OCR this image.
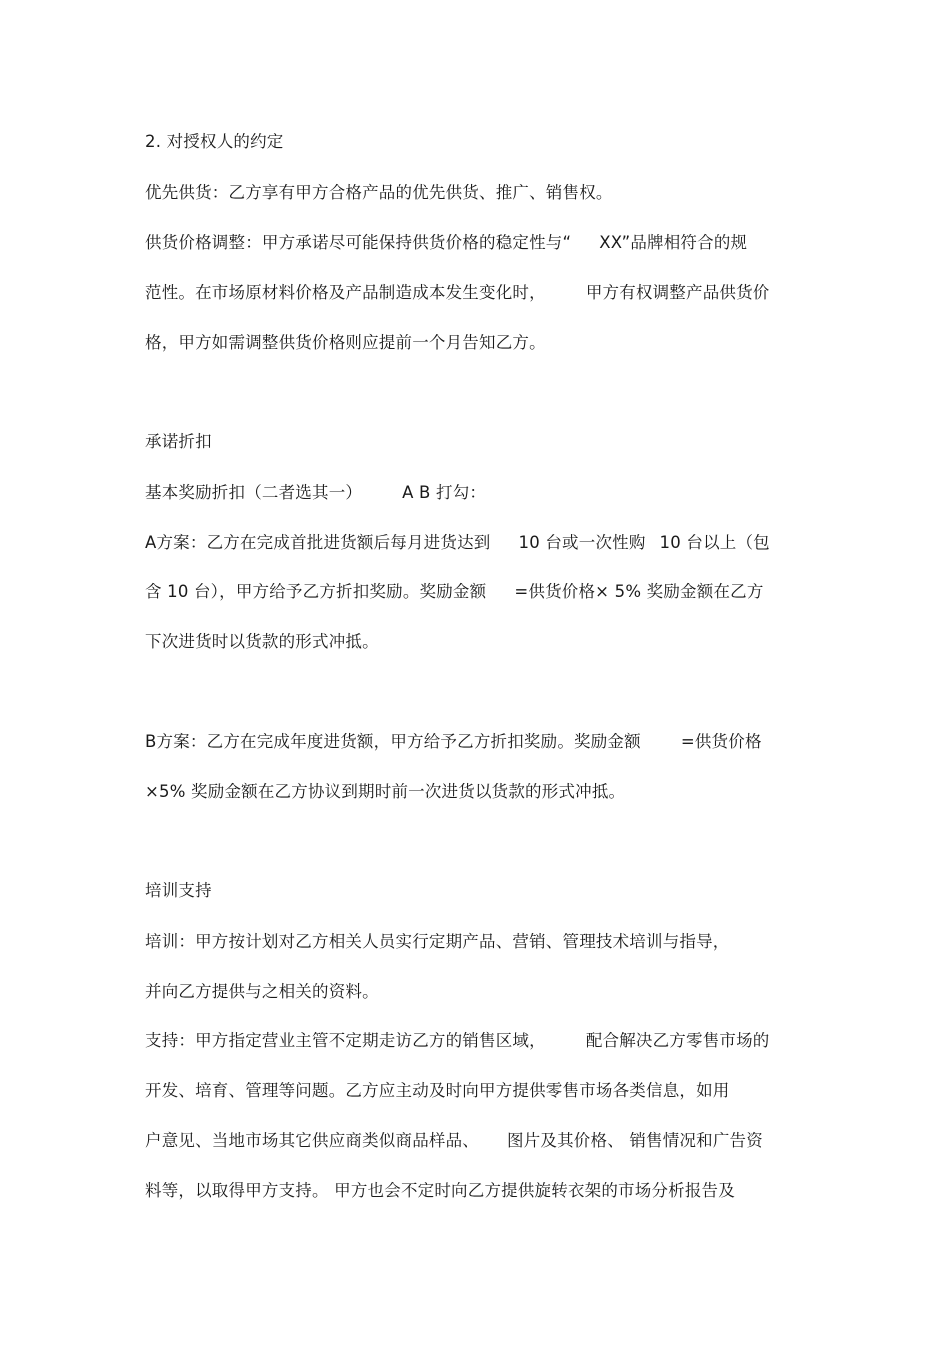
2. 对授权人的约定
优先供货：乙方享有甲方合格产品的优先供货、推广、销售权。
供货价格调整：甲方承诺尽可能保持供货价格的稳定性与“ XX”品牌相符合的规
范性。在市场原材料价格及产品制造成本发生变化时， 甲方有权调整产品供货价
格，甲方如需调整供货价格则应提前一个月告知乙方。
承诺折扣
基本奖励折扣（二者选其一） A B 打勾：
A方案：乙方在完成首批进货额后每月进货达到 10 台或一次性购 10 台以上（包
含 10 台），甲方给予乙方折扣奖励。奖励金额 =供货价格× 5% 奖励金额在乙方
下次进货时以货款的形式冲抵。
B方案：乙方在完成年度进货额，甲方给予乙方折扣奖励。奖励金额 =供货价格
×5% 奖励金额在乙方协议到期时前一次进货以货款的形式冲抵。
培训支持
培训：甲方按计划对乙方相关人员实行定期产品、营销、管理技术培训与指导，
并向乙方提供与之相关的资料。
支持：甲方指定营业主管不定期走访乙方的销售区域， 配合解决乙方零售市场的
开发、培育、管理等问题。乙方应主动及时向甲方提供零售市场各类信息，如用
户意见、当地市场其它供应商类似商品样品、 图片及其价格、 销售情况和广告资
料等，以取得甲方支持。 甲方也会不定时向乙方提供旋转衣架的市场分析报告及
